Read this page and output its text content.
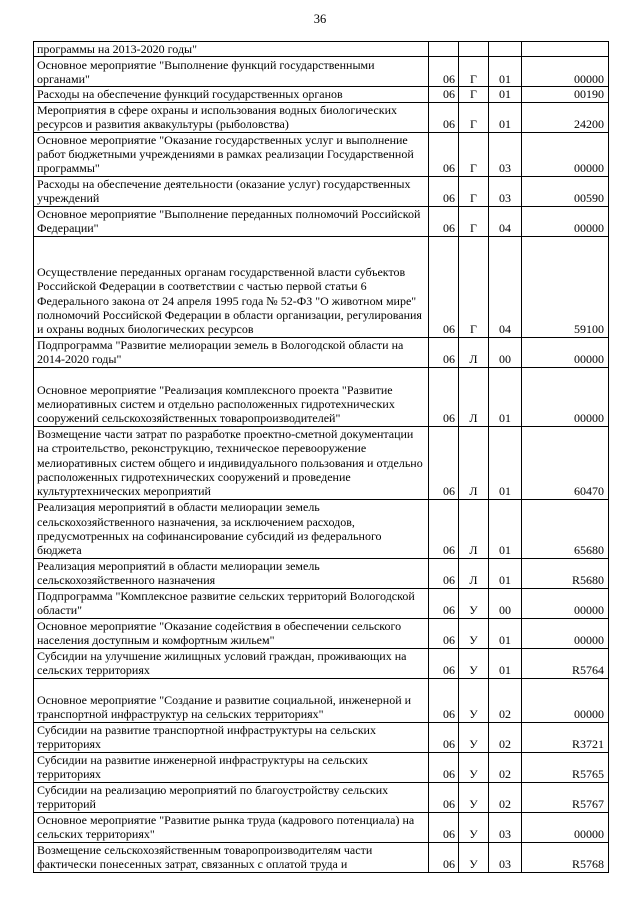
36
программы на 2013-2020 годы"				
Основное мероприятие "Выполнение функций государственными органами"	06	Г	01	00000
Расходы на обеспечение функций государственных органов	06	Г	01	00190
Мероприятия в сфере охраны и использования водных биологических ресурсов и развития аквакультуры (рыболовства)	06	Г	01	24200
Основное мероприятие "Оказание государственных услуг и выполнение работ бюджетными учреждениями в рамках реализации Государственной программы"	06	Г	03	00000
Расходы на обеспечение деятельности (оказание услуг) государственных учреждений	06	Г	03	00590
Основное мероприятие "Выполнение переданных полномочий Российской Федерации"	06	Г	04	00000
Осуществление переданных органам государственной власти субъектов Российской Федерации в соответствии с частью первой статьи 6 Федерального закона от 24 апреля 1995 года № 52-ФЗ "О животном мире" полномочий Российской Федерации в области организации, регулирования и охраны водных биологических ресурсов	06	Г	04	59100
Подпрограмма "Развитие мелиорации земель в Вологодской области на 2014-2020 годы"	06	Л	00	00000
Основное мероприятие "Реализация комплексного проекта "Развитие мелиоративных систем и отдельно расположенных гидротехнических сооружений сельскохозяйственных товаропроизводителей"	06	Л	01	00000
Возмещение части затрат по разработке проектно-сметной документации на строительство, реконструкцию, техническое перевооружение мелиоративных систем общего и индивидуального пользования и отдельно расположенных гидротехнических сооружений и проведение культуртехнических мероприятий	06	Л	01	60470
Реализация мероприятий в области мелиорации земель сельскохозяйственного назначения, за исключением расходов, предусмотренных на софинансирование субсидий из федерального бюджета	06	Л	01	65680
Реализация мероприятий в области мелиорации земель сельскохозяйственного назначения	06	Л	01	R5680
Подпрограмма "Комплексное развитие сельских территорий Вологодской области"	06	У	00	00000
Основное мероприятие "Оказание содействия в обеспечении сельского населения доступным и комфортным жильем"	06	У	01	00000
Субсидии на улучшение жилищных условий граждан, проживающих на сельских территориях	06	У	01	R5764
Основное мероприятие "Создание и развитие социальной, инженерной и транспортной инфраструктур на сельских территориях"	06	У	02	00000
Субсидии на развитие транспортной инфраструктуры на сельских территориях	06	У	02	R3721
Субсидии на развитие инженерной инфраструктуры на сельских территориях	06	У	02	R5765
Субсидии на реализацию мероприятий по благоустройству сельских территорий	06	У	02	R5767
Основное мероприятие "Развитие рынка труда (кадрового потенциала) на сельских территориях"	06	У	03	00000
Возмещение сельскохозяйственным товаропроизводителям части фактически понесенных затрат, связанных с оплатой труда и	06	У	03	R5768
